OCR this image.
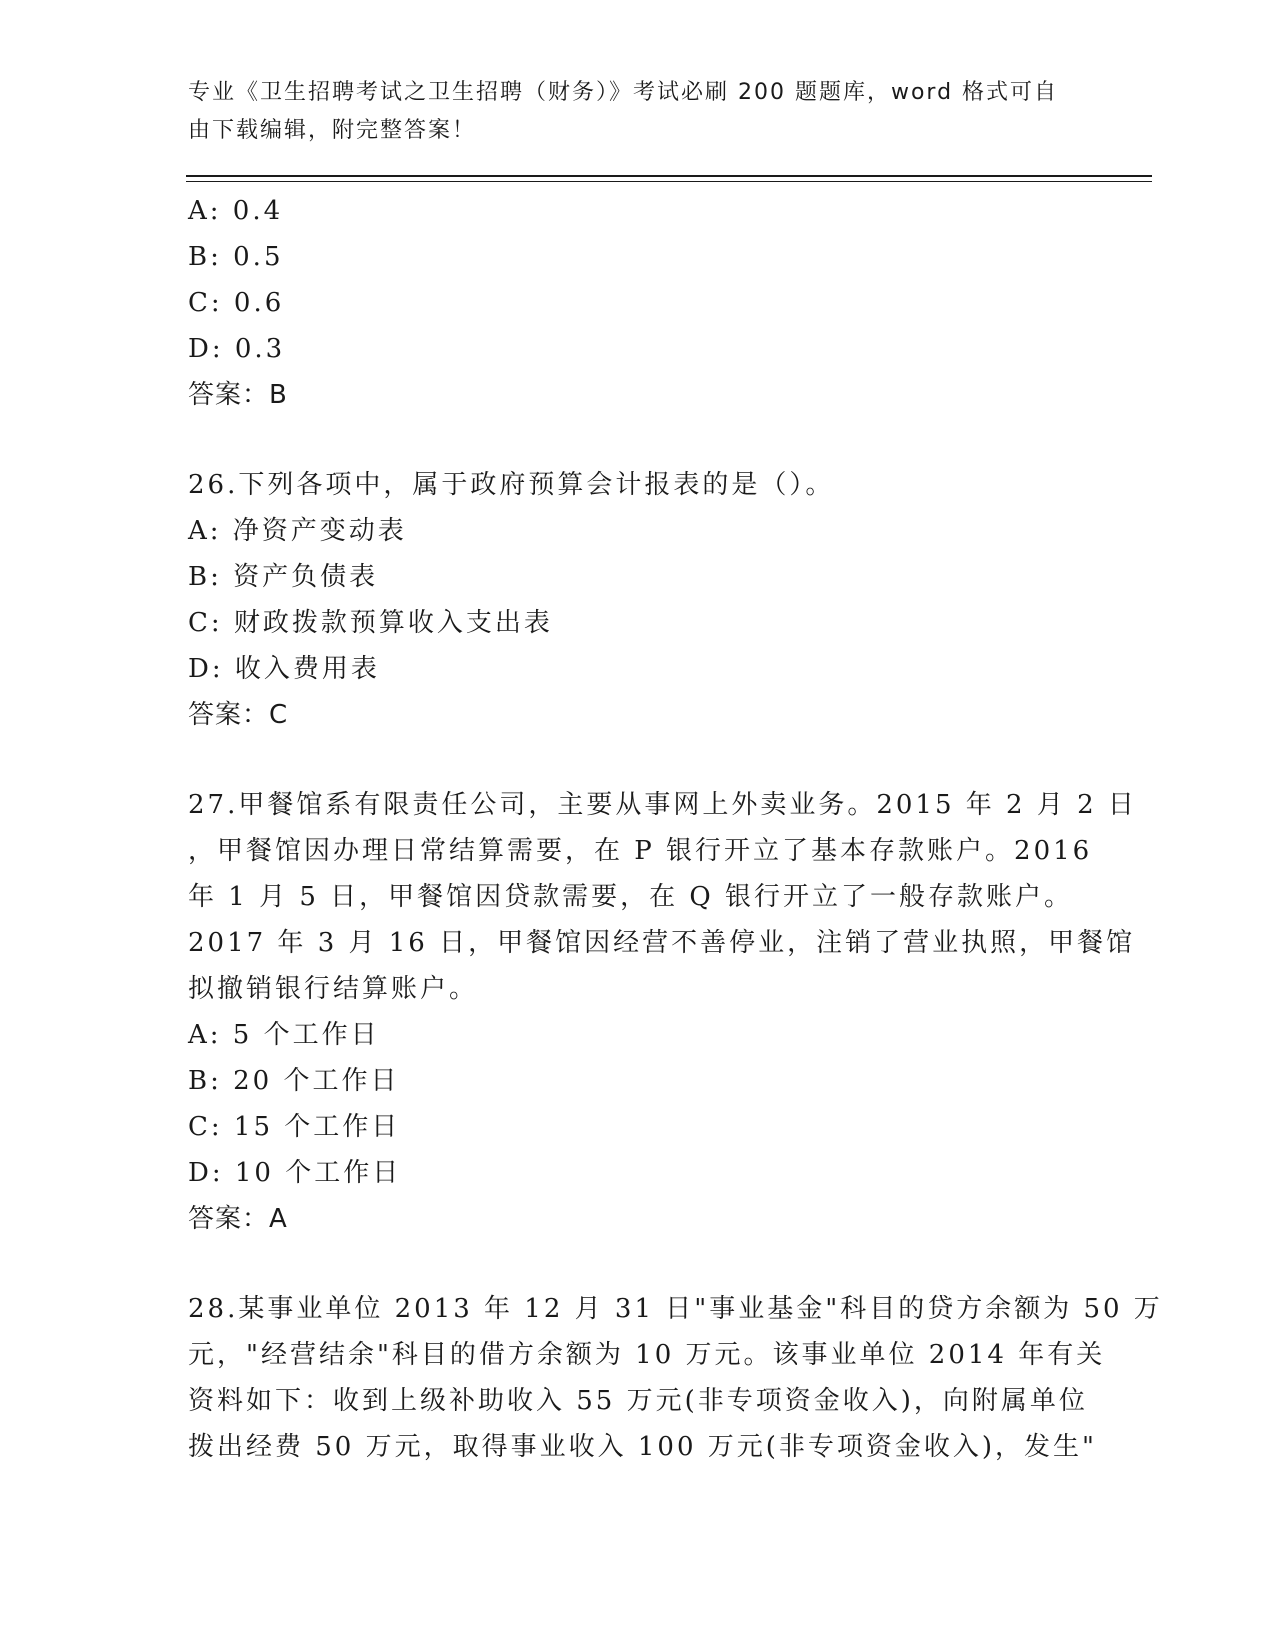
专业《卫生招聘考试之卫生招聘（财务）》考试必刷 200 题题库，word 格式可自
由下载编辑，附完整答案！
A: 0.4
B: 0.5
C: 0.6
D: 0.3
答案：B
26.下列各项中，属于政府预算会计报表的是（）。
A: 净资产变动表
B: 资产负债表
C: 财政拨款预算收入支出表
D: 收入费用表
答案：C
27.甲餐馆系有限责任公司，主要从事网上外卖业务。2015 年 2 月 2 日
，甲餐馆因办理日常结算需要，在 P 银行开立了基本存款账户。2016
年 1 月 5 日，甲餐馆因贷款需要，在 Q 银行开立了一般存款账户。
2017 年 3 月 16 日，甲餐馆因经营不善停业，注销了营业执照，甲餐馆
拟撤销银行结算账户。
A: 5 个工作日
B: 20 个工作日
C: 15 个工作日
D: 10 个工作日
答案：A
28.某事业单位 2013 年 12 月 31 日"事业基金"科目的贷方余额为 50 万
元，"经营结余"科目的借方余额为 10 万元。该事业单位 2014 年有关
资料如下：收到上级补助收入 55 万元(非专项资金收入)，向附属单位
拨出经费 50 万元，取得事业收入 100 万元(非专项资金收入)，发生"
